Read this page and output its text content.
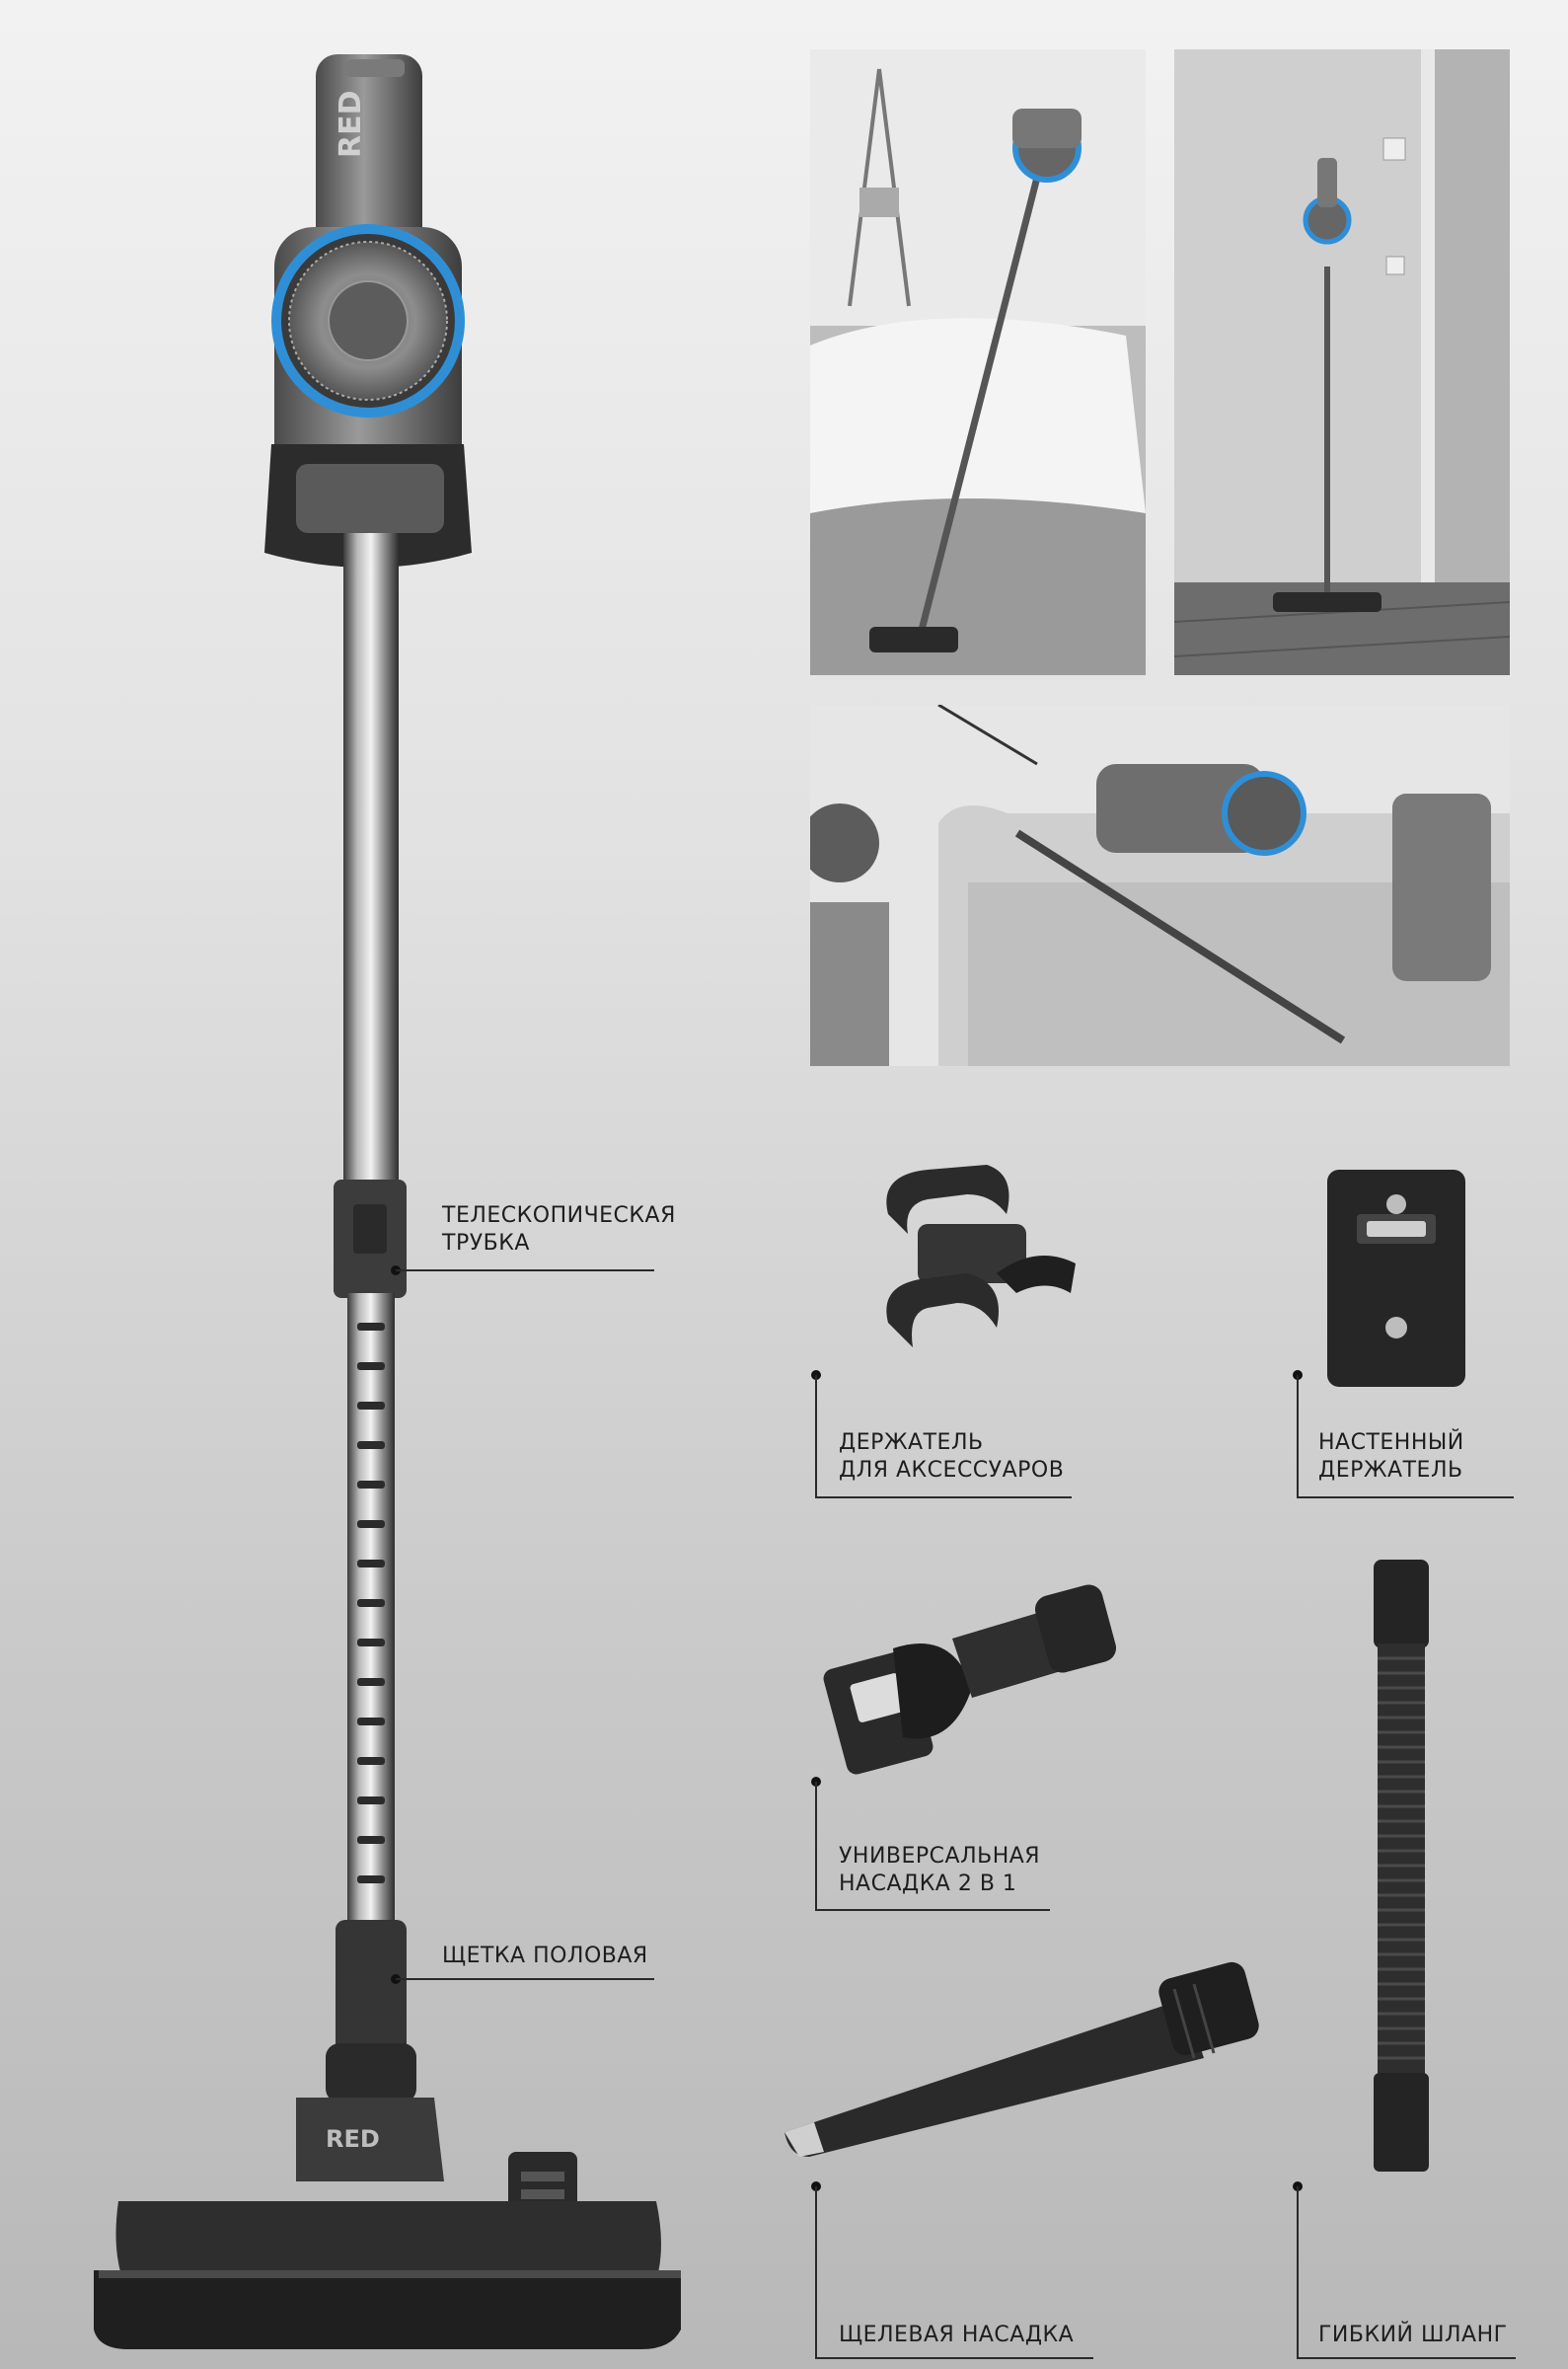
RED
RED
ТЕЛЕСКОПИЧЕСКАЯ
ТРУБКА
ЩЕТКА ПОЛОВАЯ
ДЕРЖАТЕЛЬ
ДЛЯ АКСЕССУАРОВ
НАСТЕННЫЙ
ДЕРЖАТЕЛЬ
УНИВЕРСАЛЬНАЯ
НАСАДКА 2 В 1
ЩЕЛЕВАЯ НАСАДКА	ГИБКИЙ ШЛАНГ
